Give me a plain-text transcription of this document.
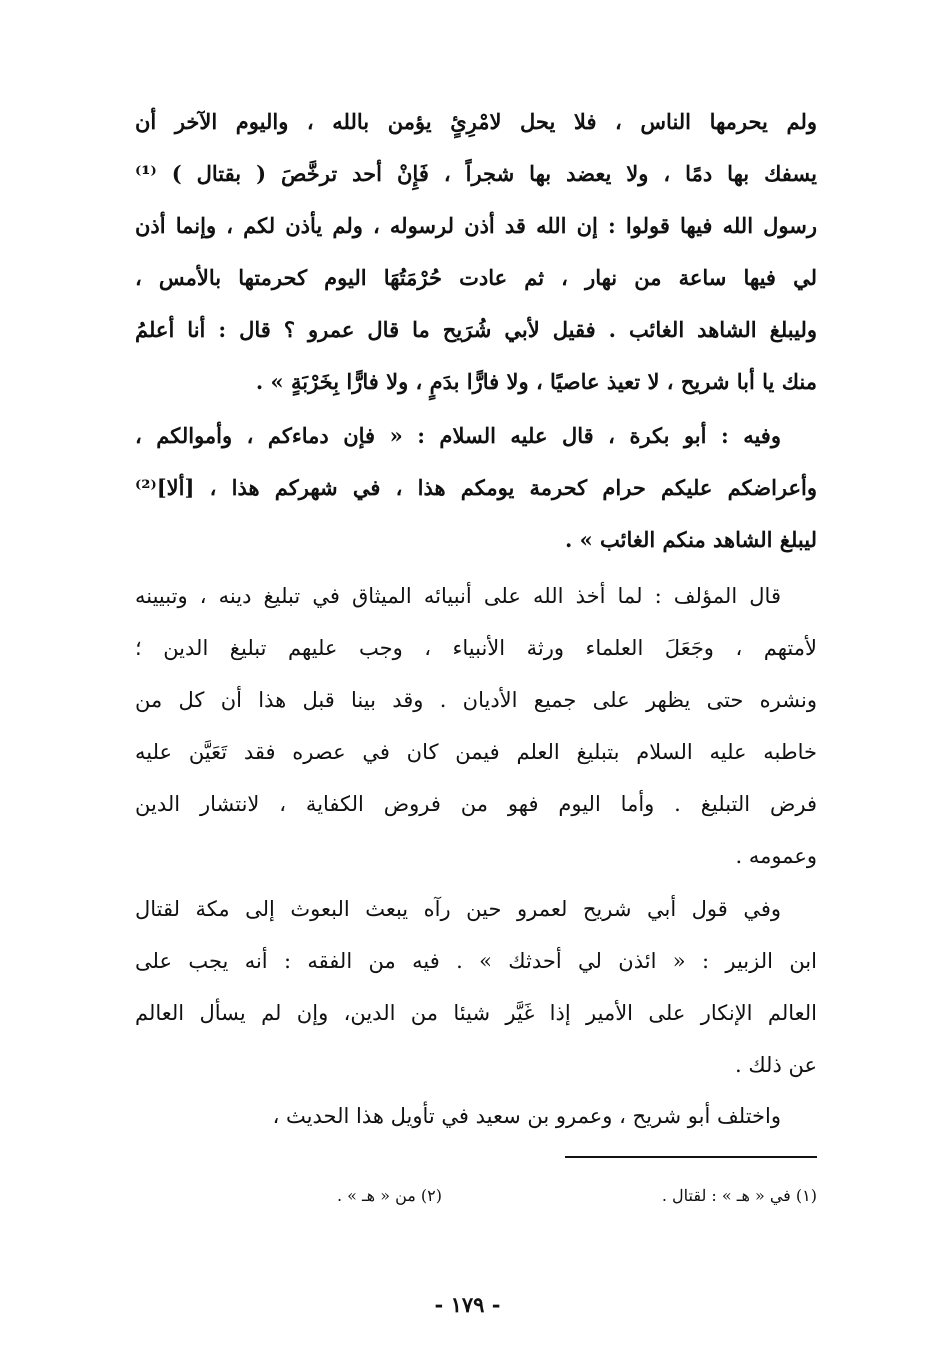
ولم يحرمها الناس ، فلا يحل لامْرِئٍ يؤمن بالله ، واليوم الآخر أن
يسفك بها دمًا ، ولا يعضد بها شجراً ، فَإِنْ أحد ترخَّصَ ( بقتال ) ⁽¹⁾
رسول الله فيها قولوا : إن الله قد أذن لرسوله ، ولم يأذن لكم ، وإنما أذن
لي فيها ساعة من نهار ، ثم عادت حُرْمَتُهَا اليوم كحرمتها بالأمس ،
وليبلغ الشاهد الغائب . فقيل لأبي شُرَيح ما قال عمرو ؟ قال : أنا أعلمُ
منك يا أبا شريح ، لا تعيذ عاصيًا ، ولا فارًّا بدَمٍ ، ولا فارًّا بِخَرْبَةٍ » .
وفيه : أبو بكرة ، قال عليه السلام : « فإن دماءكم ، وأموالكم ،
وأعراضكم عليكم حرام كحرمة يومكم هذا ، في شهركم هذا ، [ألا]⁽²⁾
ليبلغ الشاهد منكم الغائب » .
قال المؤلف : لما أخذ الله على أنبيائه الميثاق في تبليغ دينه ، وتبيينه
لأمتهم ، وجَعَلَ العلماء ورثة الأنبياء ، وجب عليهم تبليغ الدين ؛
ونشره حتى يظهر على جميع الأديان . وقد بينا قبل هذا أن كل من
خاطبه عليه السلام بتبليغ العلم فيمن كان في عصره فقد تَعَيَّن عليه
فرض التبليغ . وأما اليوم فهو من فروض الكفاية ، لانتشار الدين
وعمومه .
وفي قول أبي شريح لعمرو حين رآه يبعث البعوث إلى مكة لقتال
ابن الزبير : « ائذن لي أحدثك » . فيه من الفقه : أنه يجب على
العالم الإنكار على الأمير إذا غَيَّر شيئا من الدين، وإن لم يسأل العالم
عن ذلك .
واختلف أبو شريح ، وعمرو بن سعيد في تأويل هذا الحديث ،
(١) في « هـ » : لقتال .
(٢) من « هـ » .
- ١٧٩ -
